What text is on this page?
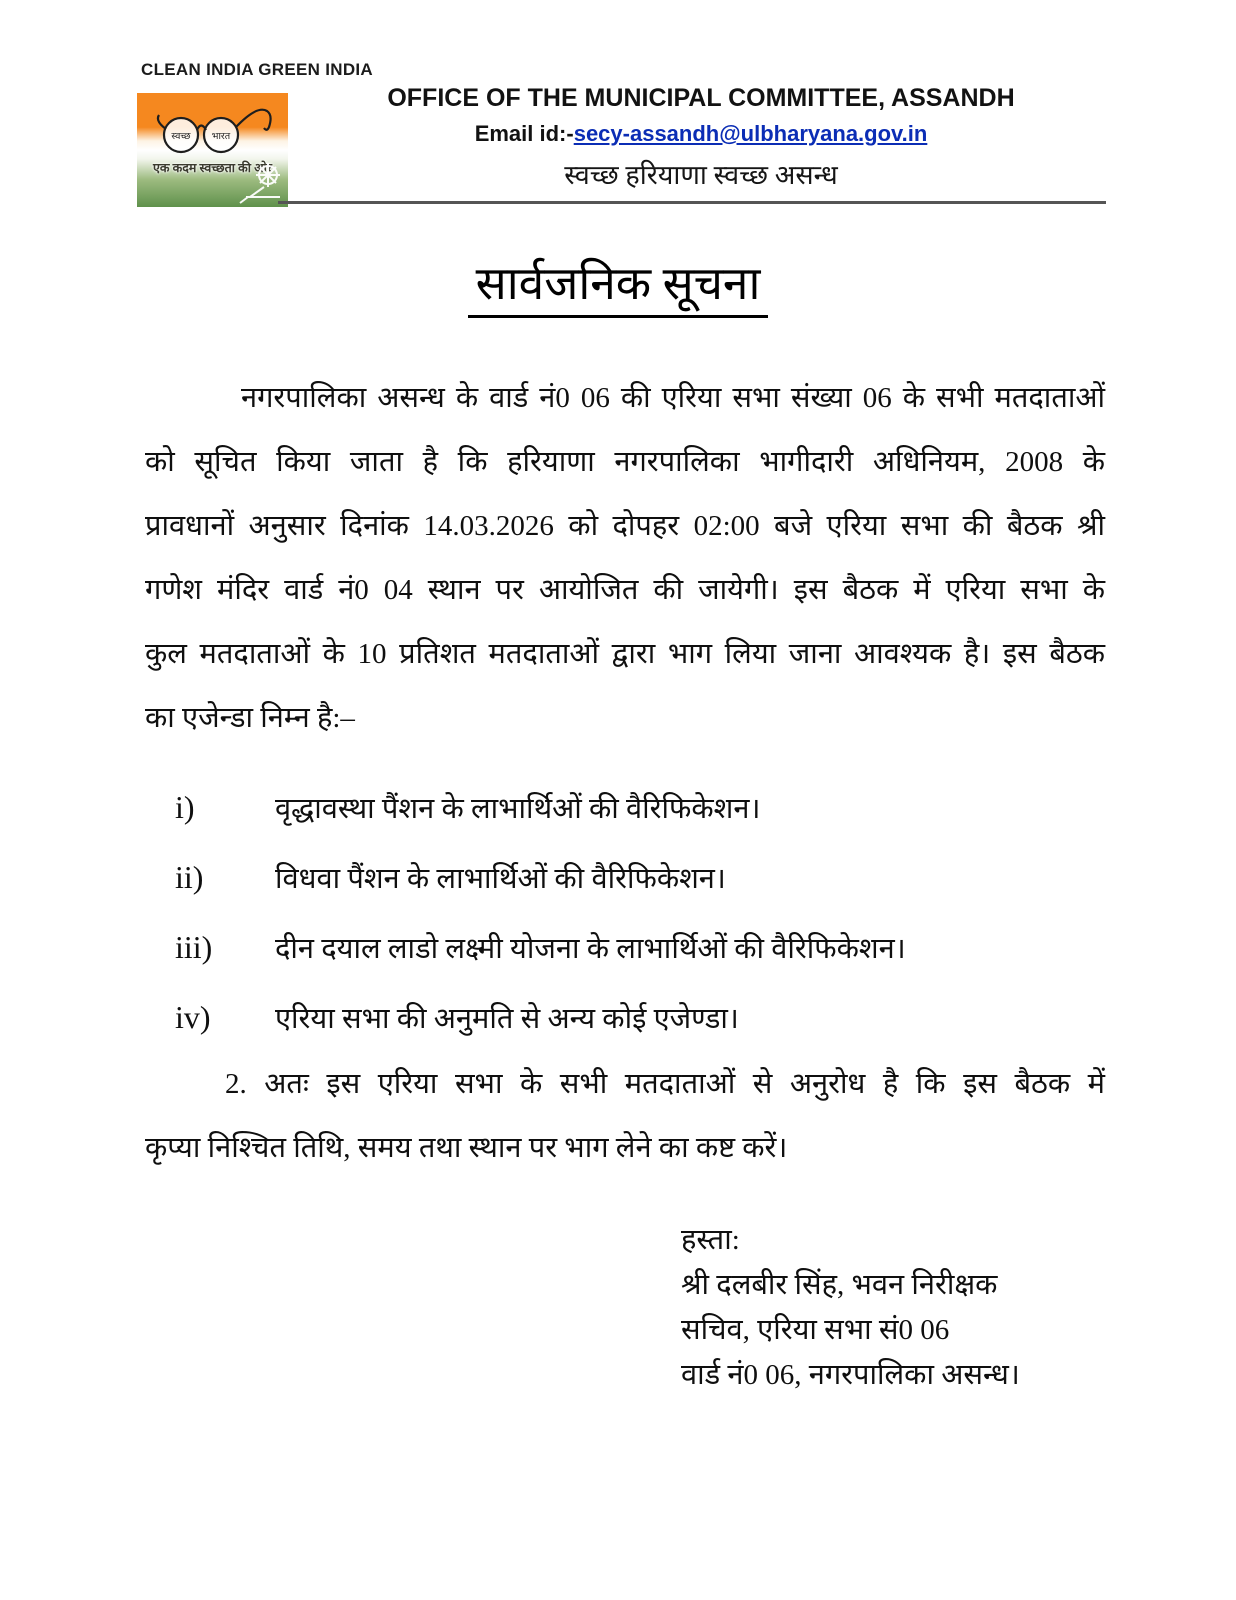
CLEAN INDIA GREEN INDIA
स्वच्छ भारत
एक कदम स्वच्छता की ओर
OFFICE OF THE MUNICIPAL COMMITTEE, ASSANDH
Email id:-secy-assandh@ulbharyana.gov.in
स्वच्छ हरियाणा स्वच्छ असन्ध
सार्वजनिक सूचना
नगरपालिका असन्ध के वार्ड नं0 06 की एरिया सभा संख्या 06 के सभी मतदाताओं
को सूचित किया जाता है कि हरियाणा नगरपालिका भागीदारी अधिनियम, 2008 के
प्रावधानों अनुसार दिनांक 14.03.2026 को दोपहर 02:00 बजे एरिया सभा की बैठक श्री
गणेश मंदिर वार्ड नं0 04 स्थान पर आयोजित की जायेगी। इस बैठक में एरिया सभा के
कुल मतदाताओं के 10 प्रतिशत मतदाताओं द्वारा भाग लिया जाना आवश्यक है। इस बैठक
का एजेन्डा निम्न है:–
i)	वृद्धावस्था पैंशन के लाभार्थिओं की वैरिफिकेशन।
ii)	विधवा पैंशन के लाभार्थिओं की वैरिफिकेशन।
iii)	दीन दयाल लाडो लक्ष्मी योजना के लाभार्थिओं की वैरिफिकेशन।
iv)	एरिया सभा की अनुमति से अन्य कोई एजेण्डा।
2. अतः इस एरिया सभा के सभी मतदाताओं से अनुरोध है कि इस बैठक में
कृप्या निश्चित तिथि, समय तथा स्थान पर भाग लेने का कष्ट करें।
हस्ता:
श्री दलबीर सिंह, भवन निरीक्षक
सचिव, एरिया सभा सं0 06
वार्ड नं0 06, नगरपालिका असन्ध।
